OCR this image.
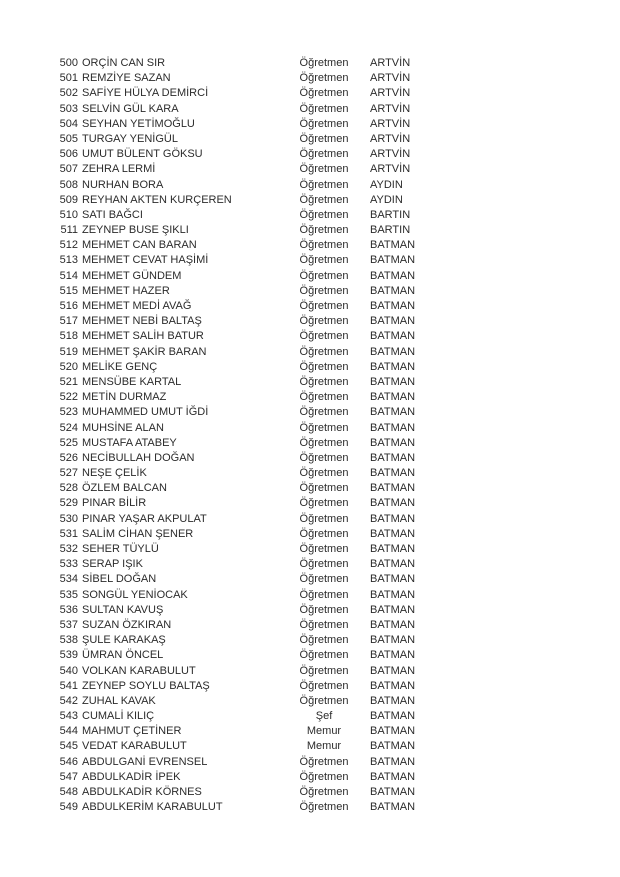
500 ORÇİN CAN SIR	Öğretmen	ARTVİN
501 REMZİYE SAZAN	Öğretmen	ARTVİN
502 SAFİYE HÜLYA DEMİRCİ	Öğretmen	ARTVİN
503 SELVİN GÜL KARA	Öğretmen	ARTVİN
504 SEYHAN YETİMOĞLU	Öğretmen	ARTVİN
505 TURGAY YENİGÜL	Öğretmen	ARTVİN
506 UMUT BÜLENT GÖKSU	Öğretmen	ARTVİN
507 ZEHRA LERMİ	Öğretmen	ARTVİN
508 NURHAN BORA	Öğretmen	AYDIN
509 REYHAN AKTEN KURÇEREN	Öğretmen	AYDIN
510 SATI BAĞCI	Öğretmen	BARTIN
511 ZEYNEP BUSE ŞIKLI	Öğretmen	BARTIN
512 MEHMET CAN BARAN	Öğretmen	BATMAN
513 MEHMET CEVAT HAŞİMİ	Öğretmen	BATMAN
514 MEHMET GÜNDEM	Öğretmen	BATMAN
515 MEHMET HAZER	Öğretmen	BATMAN
516 MEHMET MEDİ AVAĞ	Öğretmen	BATMAN
517 MEHMET NEBİ BALTAŞ	Öğretmen	BATMAN
518 MEHMET SALİH BATUR	Öğretmen	BATMAN
519 MEHMET ŞAKİR BARAN	Öğretmen	BATMAN
520 MELİKE GENÇ	Öğretmen	BATMAN
521 MENSÜBE KARTAL	Öğretmen	BATMAN
522 METİN DURMAZ	Öğretmen	BATMAN
523 MUHAMMED UMUT İĞDİ	Öğretmen	BATMAN
524 MUHSİNE ALAN	Öğretmen	BATMAN
525 MUSTAFA ATABEY	Öğretmen	BATMAN
526 NECİBULLAH DOĞAN	Öğretmen	BATMAN
527 NEŞE ÇELİK	Öğretmen	BATMAN
528 ÖZLEM BALCAN	Öğretmen	BATMAN
529 PINAR BİLİR	Öğretmen	BATMAN
530 PINAR YAŞAR AKPULAT	Öğretmen	BATMAN
531 SALİM CİHAN ŞENER	Öğretmen	BATMAN
532 SEHER TÜYLÜ	Öğretmen	BATMAN
533 SERAP IŞIK	Öğretmen	BATMAN
534 SİBEL DOĞAN	Öğretmen	BATMAN
535 SONGÜL YENİOCAK	Öğretmen	BATMAN
536 SULTAN KAVUŞ	Öğretmen	BATMAN
537 SUZAN ÖZKIRAN	Öğretmen	BATMAN
538 ŞULE KARAKAŞ	Öğretmen	BATMAN
539 ÜMRAN ÖNCEL	Öğretmen	BATMAN
540 VOLKAN KARABULUT	Öğretmen	BATMAN
541 ZEYNEP SOYLU BALTAŞ	Öğretmen	BATMAN
542 ZUHAL KAVAK	Öğretmen	BATMAN
543 CUMALİ KILIÇ	Şef	BATMAN
544 MAHMUT ÇETİNER	Memur	BATMAN
545 VEDAT KARABULUT	Memur	BATMAN
546 ABDULGANİ EVRENSEL	Öğretmen	BATMAN
547 ABDULKADİR İPEK	Öğretmen	BATMAN
548 ABDULKADİR KÖRNES	Öğretmen	BATMAN
549 ABDULKERİM KARABULUT	Öğretmen	BATMAN
